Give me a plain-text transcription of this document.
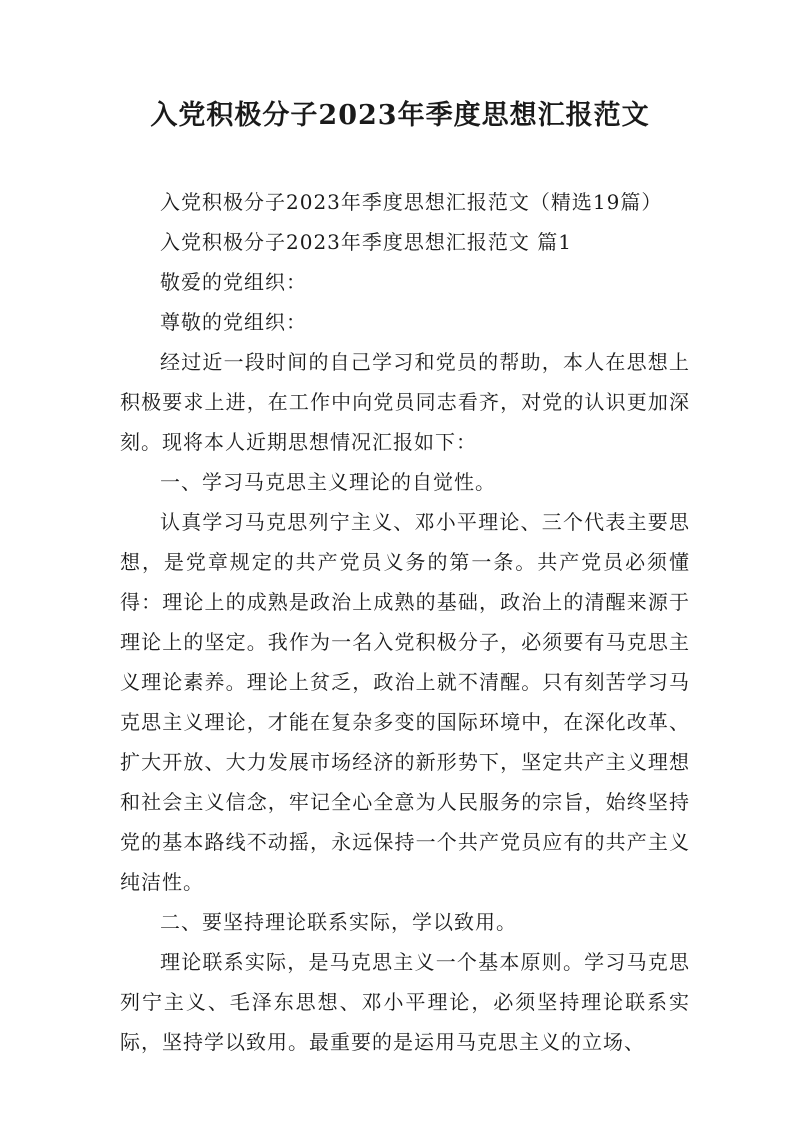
入党积极分子2023年季度思想汇报范文

入党积极分子2023年季度思想汇报范文（精选19篇）

入党积极分子2023年季度思想汇报范文 篇1

敬爱的党组织：

尊敬的党组织：

经过近一段时间的自己学习和党员的帮助，本人在思想上积极要求上进，在工作中向党员同志看齐，对党的认识更加深刻。现将本人近期思想情况汇报如下：

一、学习马克思主义理论的自觉性。

认真学习马克思列宁主义、邓小平理论、三个代表主要思想，是党章规定的共产党员义务的第一条。共产党员必须懂得：理论上的成熟是政治上成熟的基础，政治上的清醒来源于理论上的坚定。我作为一名入党积极分子，必须要有马克思主义理论素养。理论上贫乏，政治上就不清醒。只有刻苦学习马克思主义理论，才能在复杂多变的国际环境中，在深化改革、扩大开放、大力发展市场经济的新形势下，坚定共产主义理想和社会主义信念，牢记全心全意为人民服务的宗旨，始终坚持党的基本路线不动摇，永远保持一个共产党员应有的共产主义纯洁性。

二、要坚持理论联系实际，学以致用。

理论联系实际，是马克思主义一个基本原则。学习马克思列宁主义、毛泽东思想、邓小平理论，必须坚持理论联系实际，坚持学以致用。最重要的是运用马克思主义的立场、
